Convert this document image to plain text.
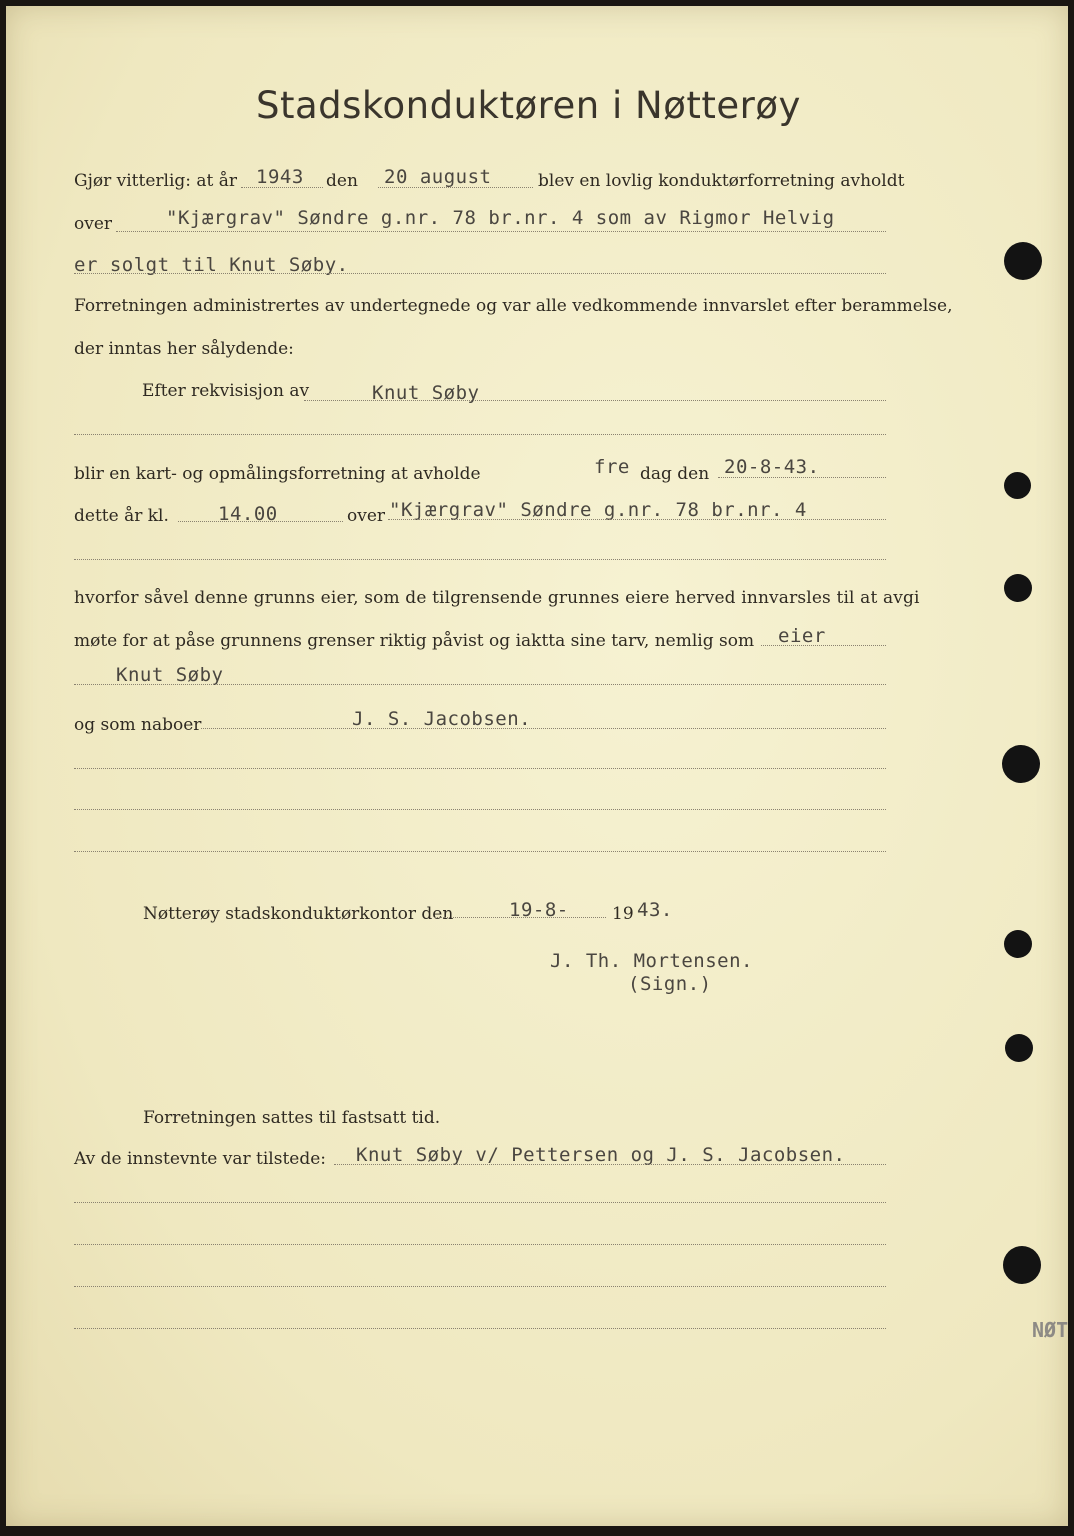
Stadskonduktøren i Nøtterøy
Gjør vitterlig: at år 1943 den 20 august	blev en lovlig konduktørforretning avholdt
over	"Kjærgrav" Søndre g.nr. 78 br.nr. 4 som av Rigmor Helvig
er solgt til Knut Søby.
Forretningen administrertes av undertegnede og var alle vedkommende innvarslet efter berammelse,
der inntas her sålydende:
Efter rekvisisjon av	Knut Søby
blir en kart- og opmålingsforretning at avholde	fre dag den 20-8-43.
dette år kl.	14.00	over "Kjærgrav" Søndre g.nr. 78 br.nr. 4
hvorfor såvel denne grunns eier, som de tilgrensende grunnes eiere herved innvarsles til at avgi
møte for at påse grunnens grenser riktig påvist og iaktta sine tarv, nemlig som eier
Knut Søby
og som naboer	J. S. Jacobsen.
Nøtterøy stadskonduktørkontor den	19-8-	19 43.
J. Th. Mortensen.
(Sign.)
Forretningen sattes til fastsatt tid.
Av de innstevnte var tilstede: Knut Søby v/ Pettersen og J. S. Jacobsen.
NØT
